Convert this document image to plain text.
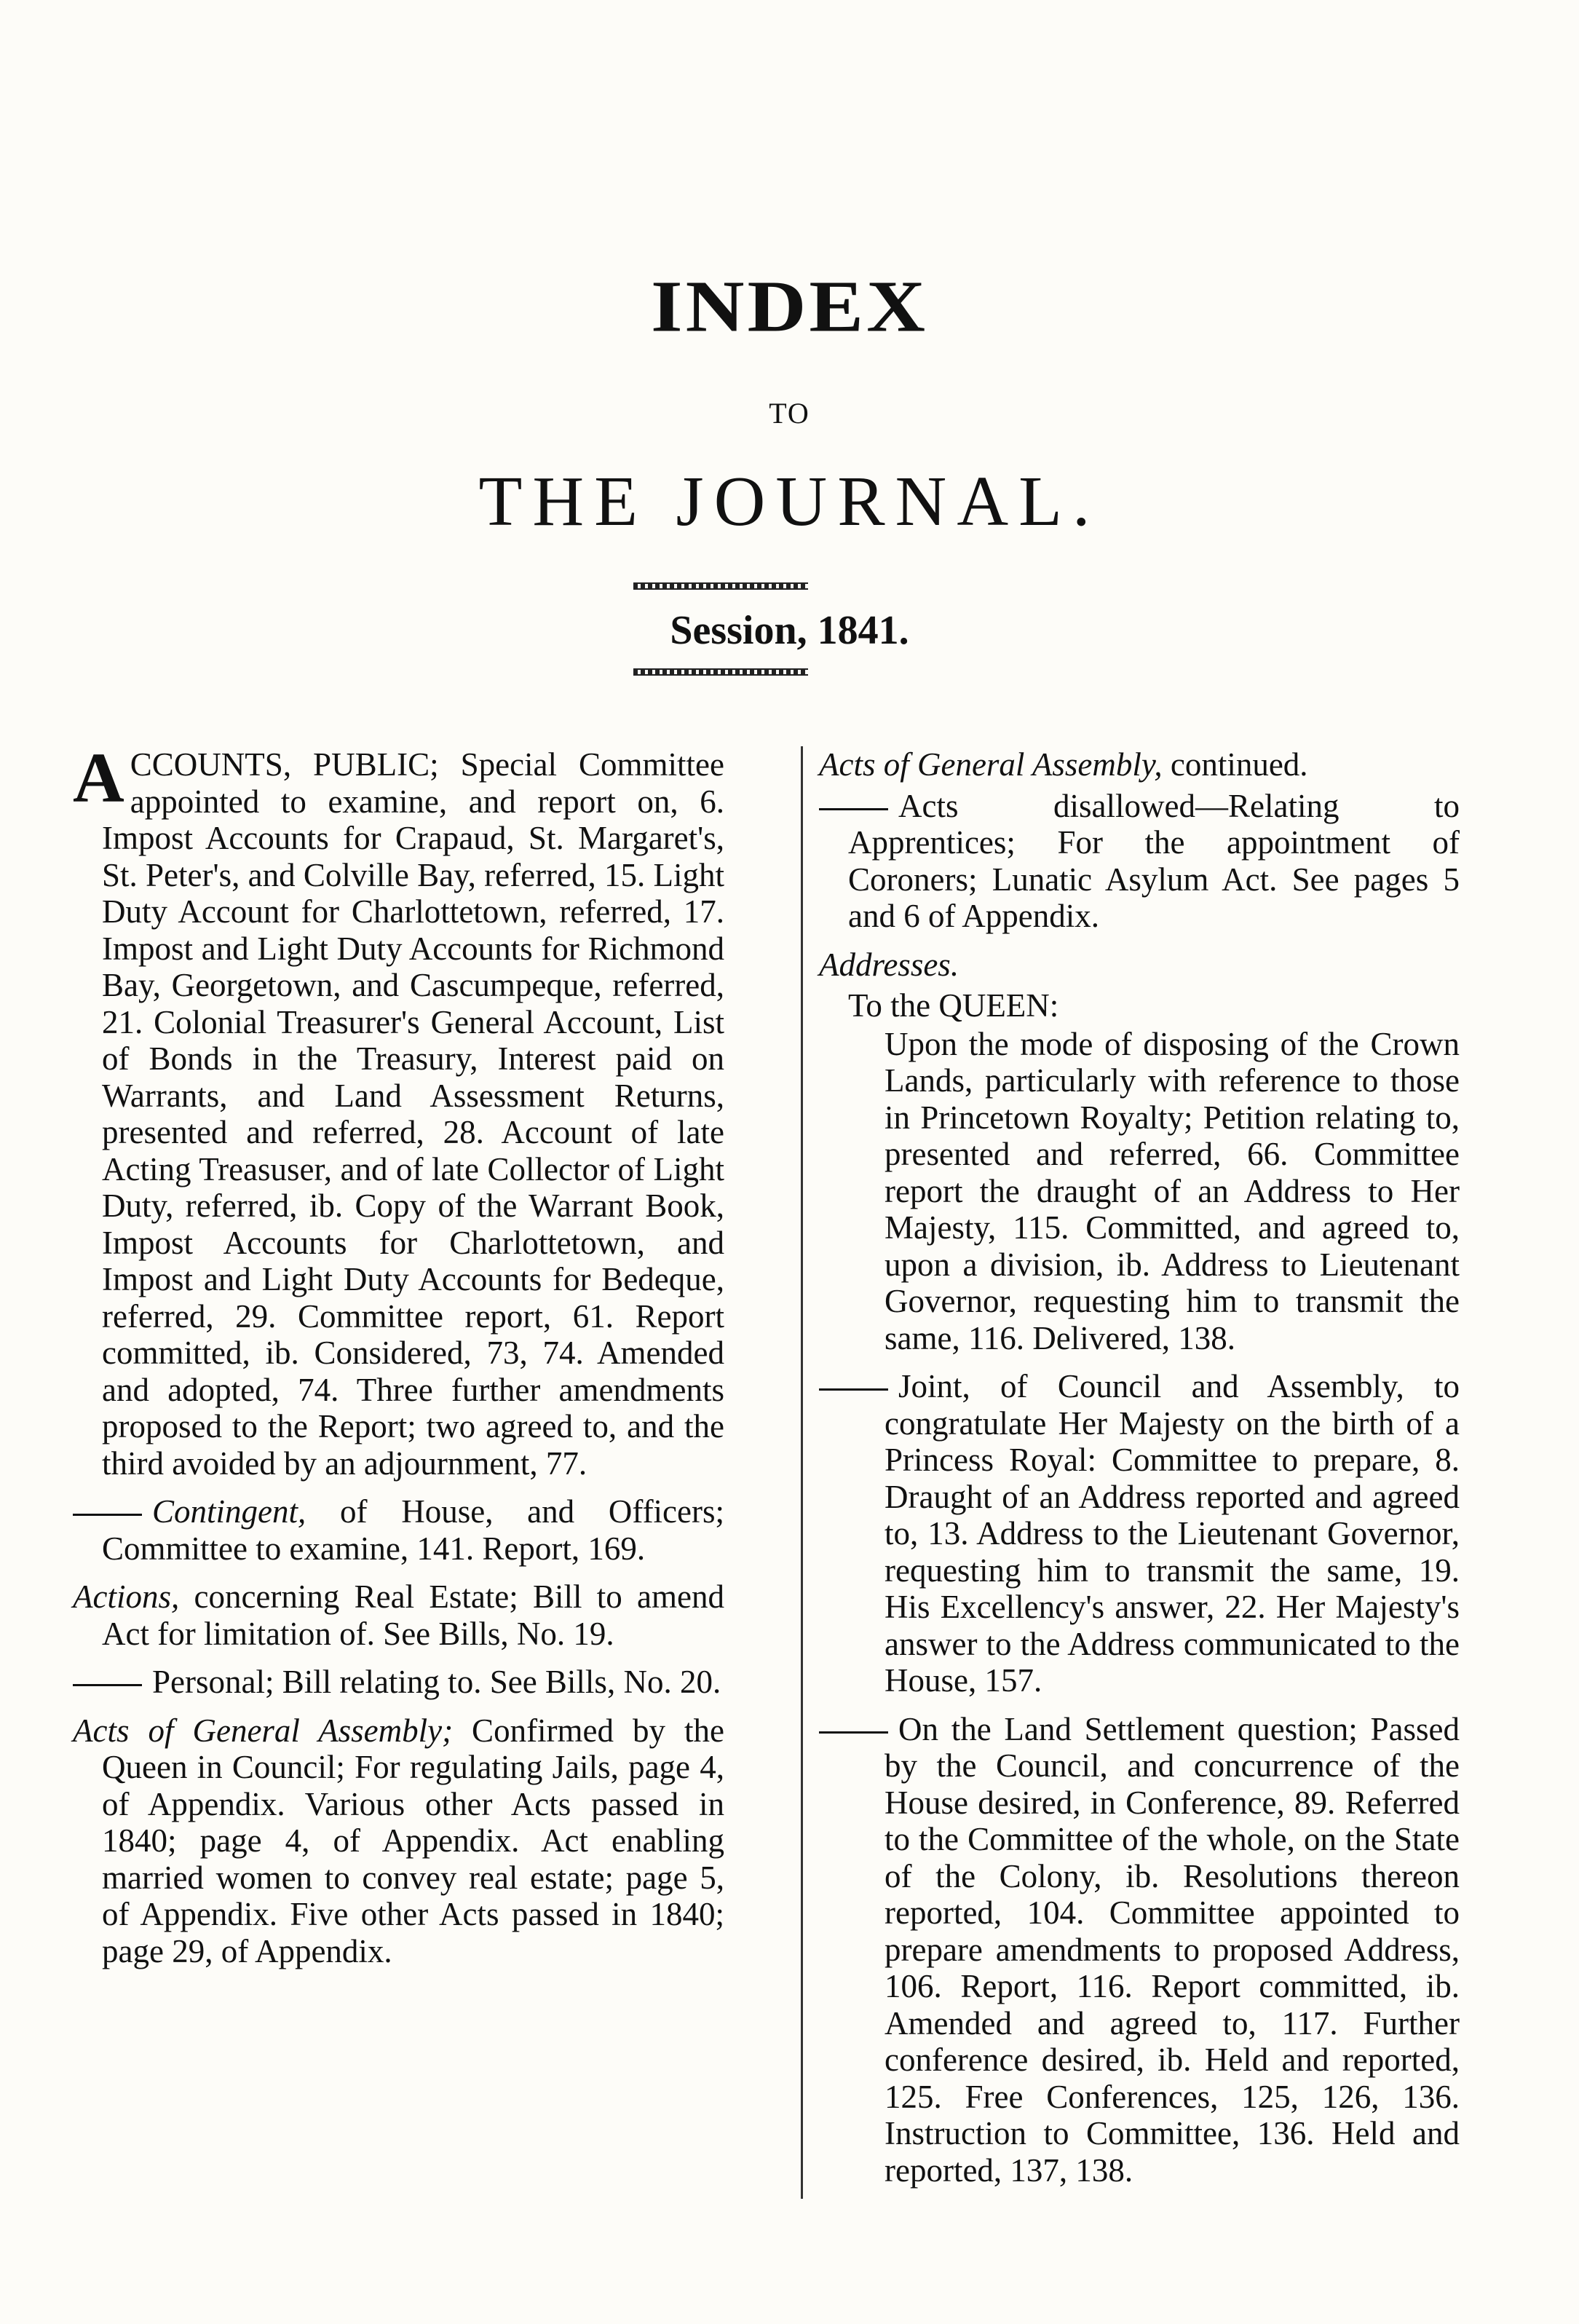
INDEX
TO
THE JOURNAL.
Session, 1841.

ACCOUNTS, PUBLIC; Special Committee appointed to examine, and report on, 6. Impost Accounts for Crapaud, St. Margaret's, St. Peter's, and Colville Bay, referred, 15. Light Duty Account for Charlottetown, referred, 17. Impost and Light Duty Accounts for Richmond Bay, Georgetown, and Cascumpeque, referred, 21. Colonial Treasurer's General Account, List of Bonds in the Treasury, Interest paid on Warrants, and Land Assessment Returns, presented and referred, 28. Account of late Acting Treasuser, and of late Collector of Light Duty, referred, ib. Copy of the Warrant Book, Impost Accounts for Charlottetown, and Impost and Light Duty Accounts for Bedeque, referred, 29. Committee report, 61. Report committed, ib. Considered, 73, 74. Amended and adopted, 74. Three further amendments proposed to the Report; two agreed to, and the third avoided by an adjournment, 77.

Contingent, of House, and Officers; Committee to examine, 141. Report, 169.

Actions, concerning Real Estate; Bill to amend Act for limitation of. See Bills, No. 19.

Personal; Bill relating to. See Bills, No. 20.

Acts of General Assembly; Confirmed by the Queen in Council; For regulating Jails, page 4, of Appendix. Various other Acts passed in 1840; page 4, of Appendix. Act enabling married women to convey real estate; page 5, of Appendix. Five other Acts passed in 1840; page 29, of Appendix.

Acts of General Assembly, continued.

Acts disallowed—Relating to Apprentices; For the appointment of Coroners; Lunatic Asylum Act. See pages 5 and 6 of Appendix.

Addresses.

To the QUEEN:

Upon the mode of disposing of the Crown Lands, particularly with reference to those in Princetown Royalty; Petition relating to, presented and referred, 66. Committee report the draught of an Address to Her Majesty, 115. Committed, and agreed to, upon a division, ib. Address to Lieutenant Governor, requesting him to transmit the same, 116. Delivered, 138.

Joint, of Council and Assembly, to congratulate Her Majesty on the birth of a Princess Royal: Committee to prepare, 8. Draught of an Address reported and agreed to, 13. Address to the Lieutenant Governor, requesting him to transmit the same, 19. His Excellency's answer, 22. Her Majesty's answer to the Address communicated to the House, 157.

On the Land Settlement question; Passed by the Council, and concurrence of the House desired, in Conference, 89. Referred to the Committee of the whole, on the State of the Colony, ib. Resolutions thereon reported, 104. Committee appointed to prepare amendments to proposed Address, 106. Report, 116. Report committed, ib. Amended and agreed to, 117. Further conference desired, ib. Held and reported, 125. Free Conferences, 125, 126, 136. Instruction to Committee, 136. Held and reported, 137, 138.
